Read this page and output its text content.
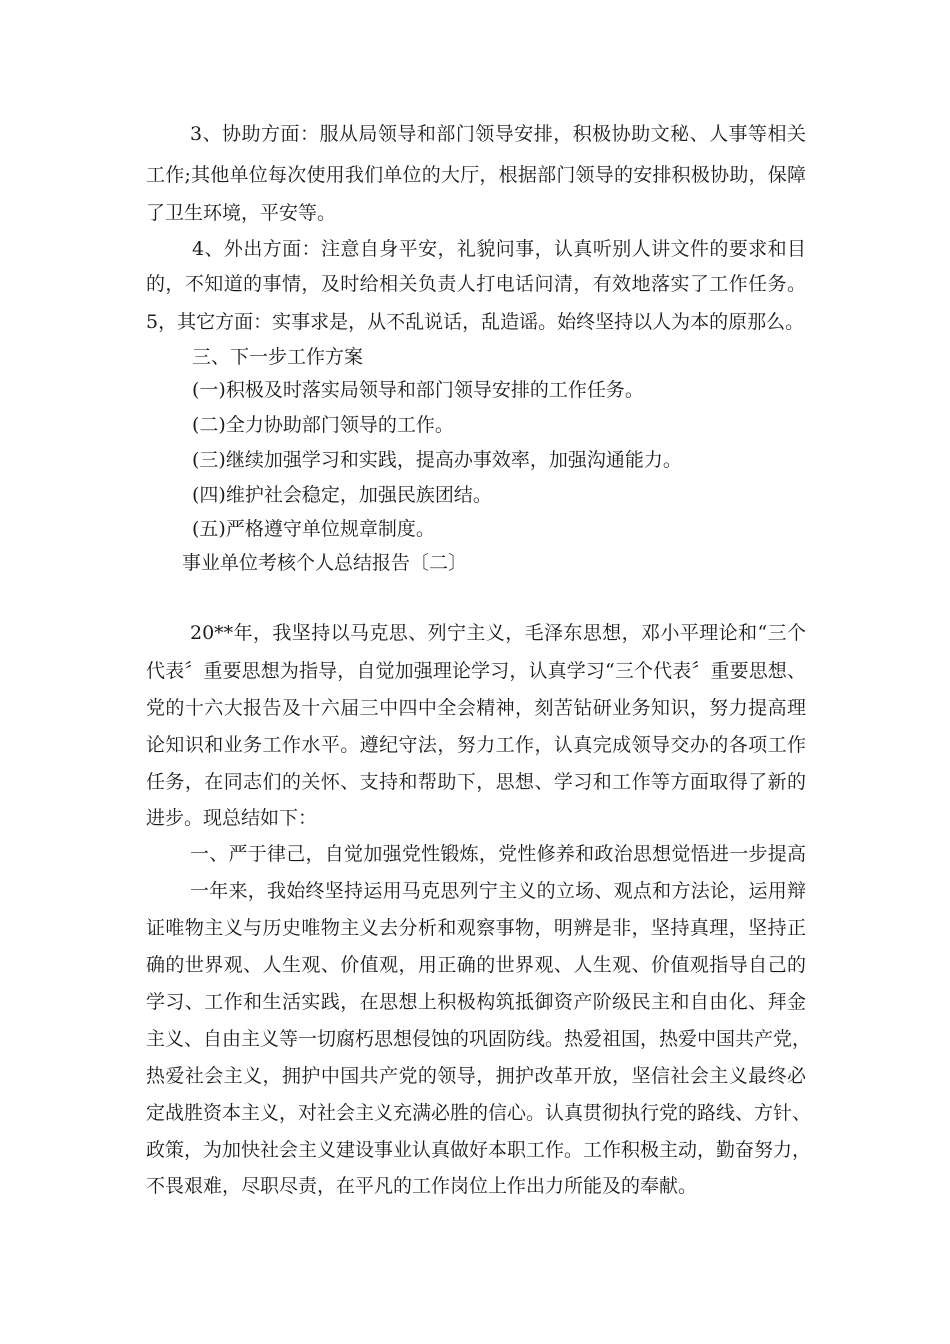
3、协助方面：服从局领导和部门领导安排，积极协助文秘、人事等相关
工作;其他单位每次使用我们单位的大厅，根据部门领导的安排积极协助，保障
了卫生环境，平安等。
4、外出方面：注意自身平安，礼貌问事，认真听别人讲文件的要求和目
的，不知道的事情，及时给相关负责人打电话问清，有效地落实了工作任务。
5，其它方面：实事求是，从不乱说话，乱造谣。始终坚持以人为本的原那么。
三、下一步工作方案
(一)积极及时落实局领导和部门领导安排的工作任务。
(二)全力协助部门领导的工作。
(三)继续加强学习和实践，提高办事效率，加强沟通能力。
(四)维护社会稳定，加强民族团结。
(五)严格遵守单位规章制度。
事业单位考核个人总结报告〔二〕
20**年，我坚持以马克思、列宁主义，毛泽东思想，邓小平理论和“三个
代表〞重要思想为指导，自觉加强理论学习，认真学习“三个代表〞重要思想、
党的十六大报告及十六届三中四中全会精神，刻苦钻研业务知识，努力提高理
论知识和业务工作水平。遵纪守法，努力工作，认真完成领导交办的各项工作
任务，在同志们的关怀、支持和帮助下，思想、学习和工作等方面取得了新的
进步。现总结如下：
一、严于律己，自觉加强党性锻炼，党性修养和政治思想觉悟进一步提高
一年来，我始终坚持运用马克思列宁主义的立场、观点和方法论，运用辩
证唯物主义与历史唯物主义去分析和观察事物，明辨是非，坚持真理，坚持正
确的世界观、人生观、价值观，用正确的世界观、人生观、价值观指导自己的
学习、工作和生活实践，在思想上积极构筑抵御资产阶级民主和自由化、拜金
主义、自由主义等一切腐朽思想侵蚀的巩固防线。热爱祖国，热爱中国共产党，
热爱社会主义，拥护中国共产党的领导，拥护改革开放，坚信社会主义最终必
定战胜资本主义，对社会主义充满必胜的信心。认真贯彻执行党的路线、方针、
政策，为加快社会主义建设事业认真做好本职工作。工作积极主动，勤奋努力，
不畏艰难，尽职尽责，在平凡的工作岗位上作出力所能及的奉献。
